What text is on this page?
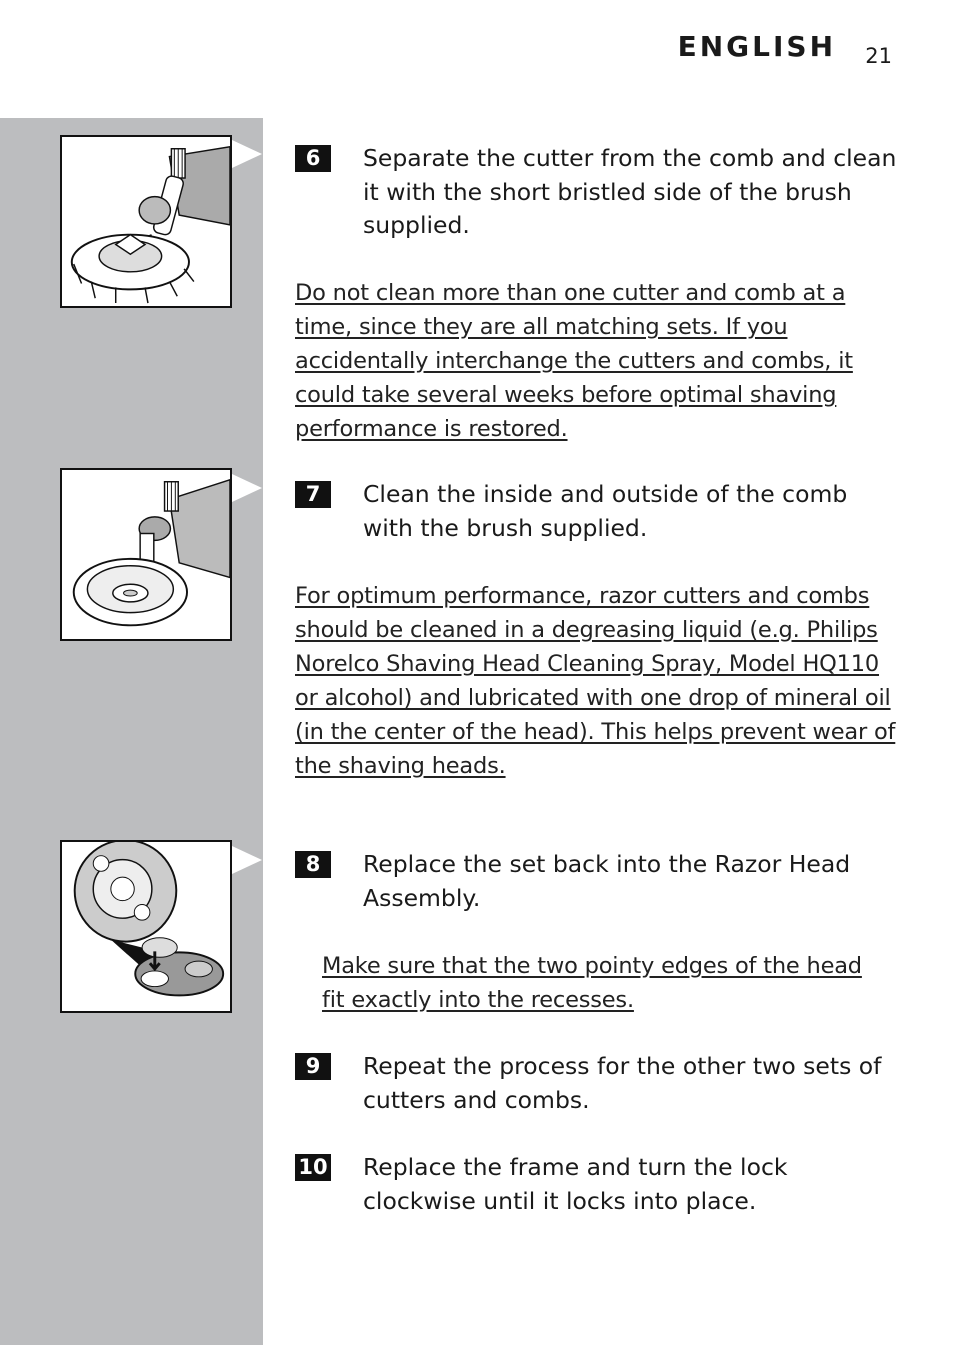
ENGLISH 21
6	Separate the cutter from the comb and clean it with the short bristled side of the brush supplied.
Do not clean more than one cutter and comb at a time, since they are all matching sets. If you accidentally interchange the cutters and combs, it could take several weeks before optimal shaving performance is restored.
7	Clean the inside and outside of the comb with the brush supplied.
For optimum performance, razor cutters and combs should be cleaned in a degreasing liquid (e.g. Philips Norelco Shaving Head Cleaning Spray, Model HQ110 or alcohol) and lubricated with one drop of mineral oil (in the center of the head). This helps prevent wear of the shaving heads.
8	Replace the set back into the Razor Head Assembly.
Make sure that the two pointy edges of the head fit exactly into the recesses.
9	Repeat the process for the other two sets of cutters and combs.
10 Replace the frame and turn the lock clockwise until it locks into place.
